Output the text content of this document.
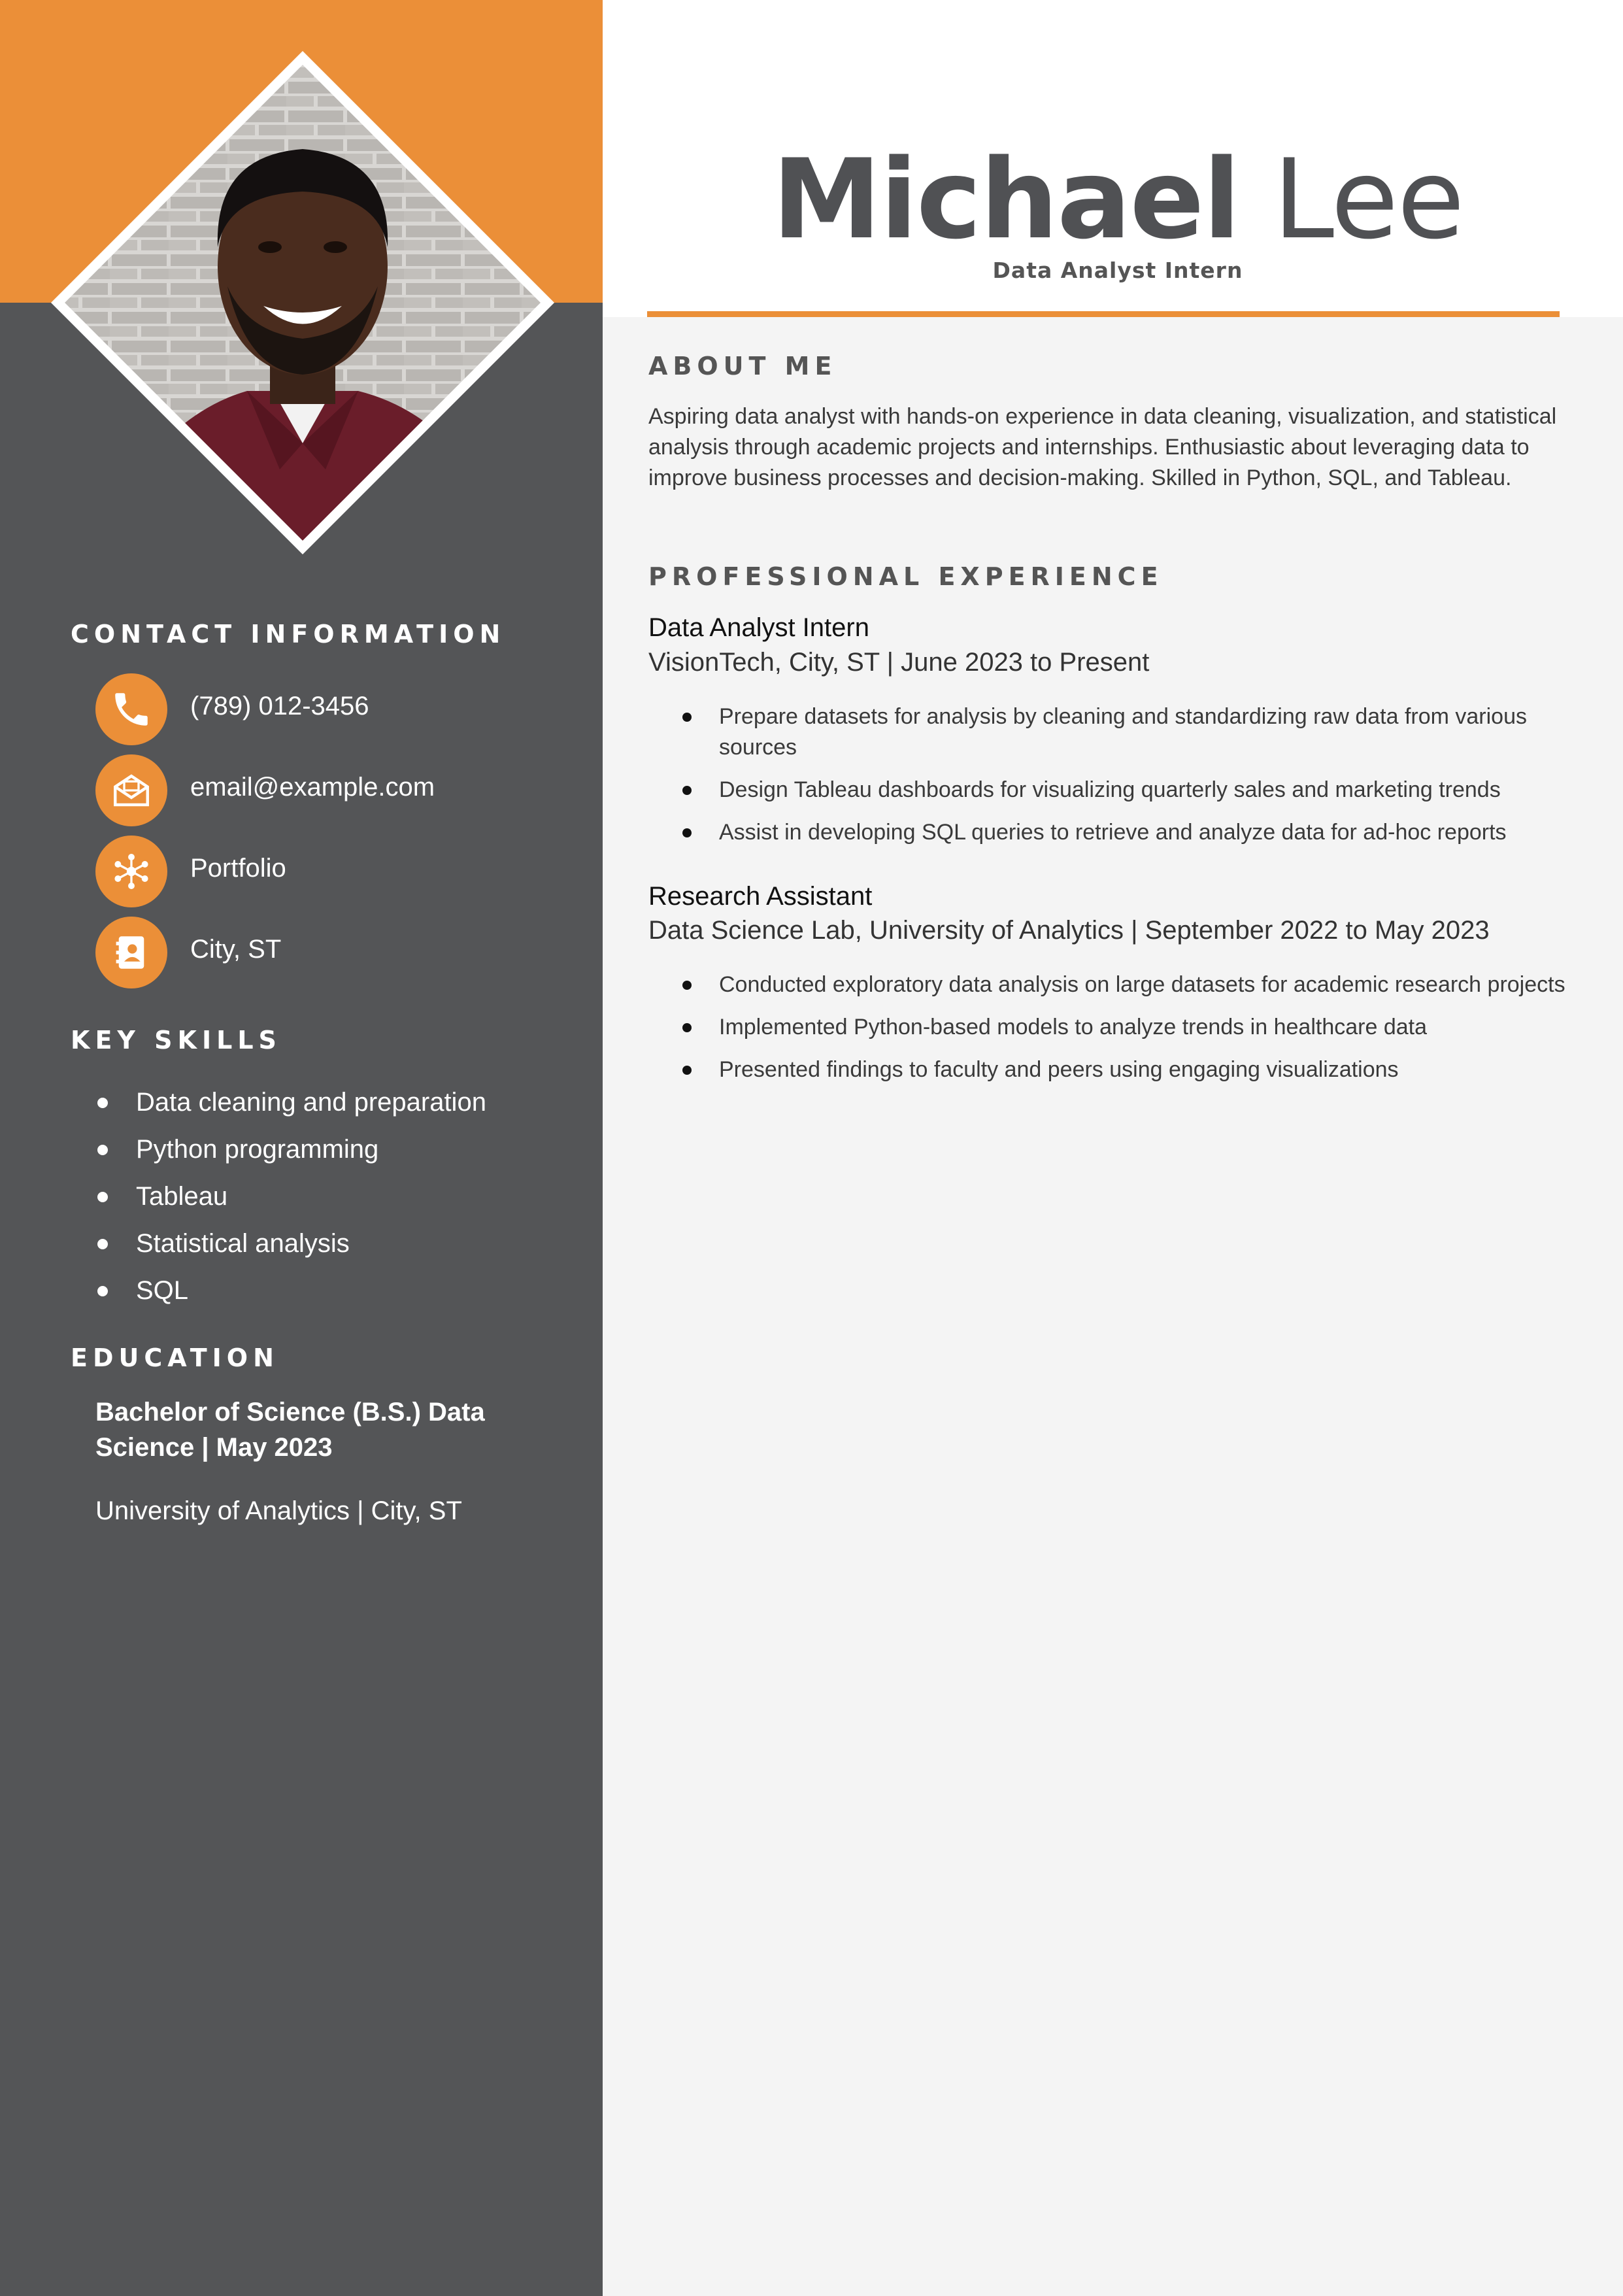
Michael Lee
Data Analyst Intern
ABOUT ME
Aspiring data analyst with hands-on experience in data cleaning, visualization, and statistical analysis through academic projects and internships. Enthusiastic about leveraging data to improve business processes and decision-making. Skilled in Python, SQL, and Tableau.
PROFESSIONAL EXPERIENCE
Data Analyst Intern
VisionTech, City, ST | June 2023 to Present
Prepare datasets for analysis by cleaning and standardizing raw data from various sources
Design Tableau dashboards for visualizing quarterly sales and marketing trends
Assist in developing SQL queries to retrieve and analyze data for ad-hoc reports
Research Assistant
Data Science Lab, University of Analytics | September 2022 to May 2023
Conducted exploratory data analysis on large datasets for academic research projects
Implemented Python-based models to analyze trends in healthcare data
Presented findings to faculty and peers using engaging visualizations
CONTACT INFORMATION
(789) 012-3456
email@example.com
Portfolio
City, ST
KEY SKILLS
Data cleaning and preparation
Python programming
Tableau
Statistical analysis
SQL
EDUCATION
Bachelor of Science (B.S.) Data Science | May 2023
University of Analytics | City, ST
